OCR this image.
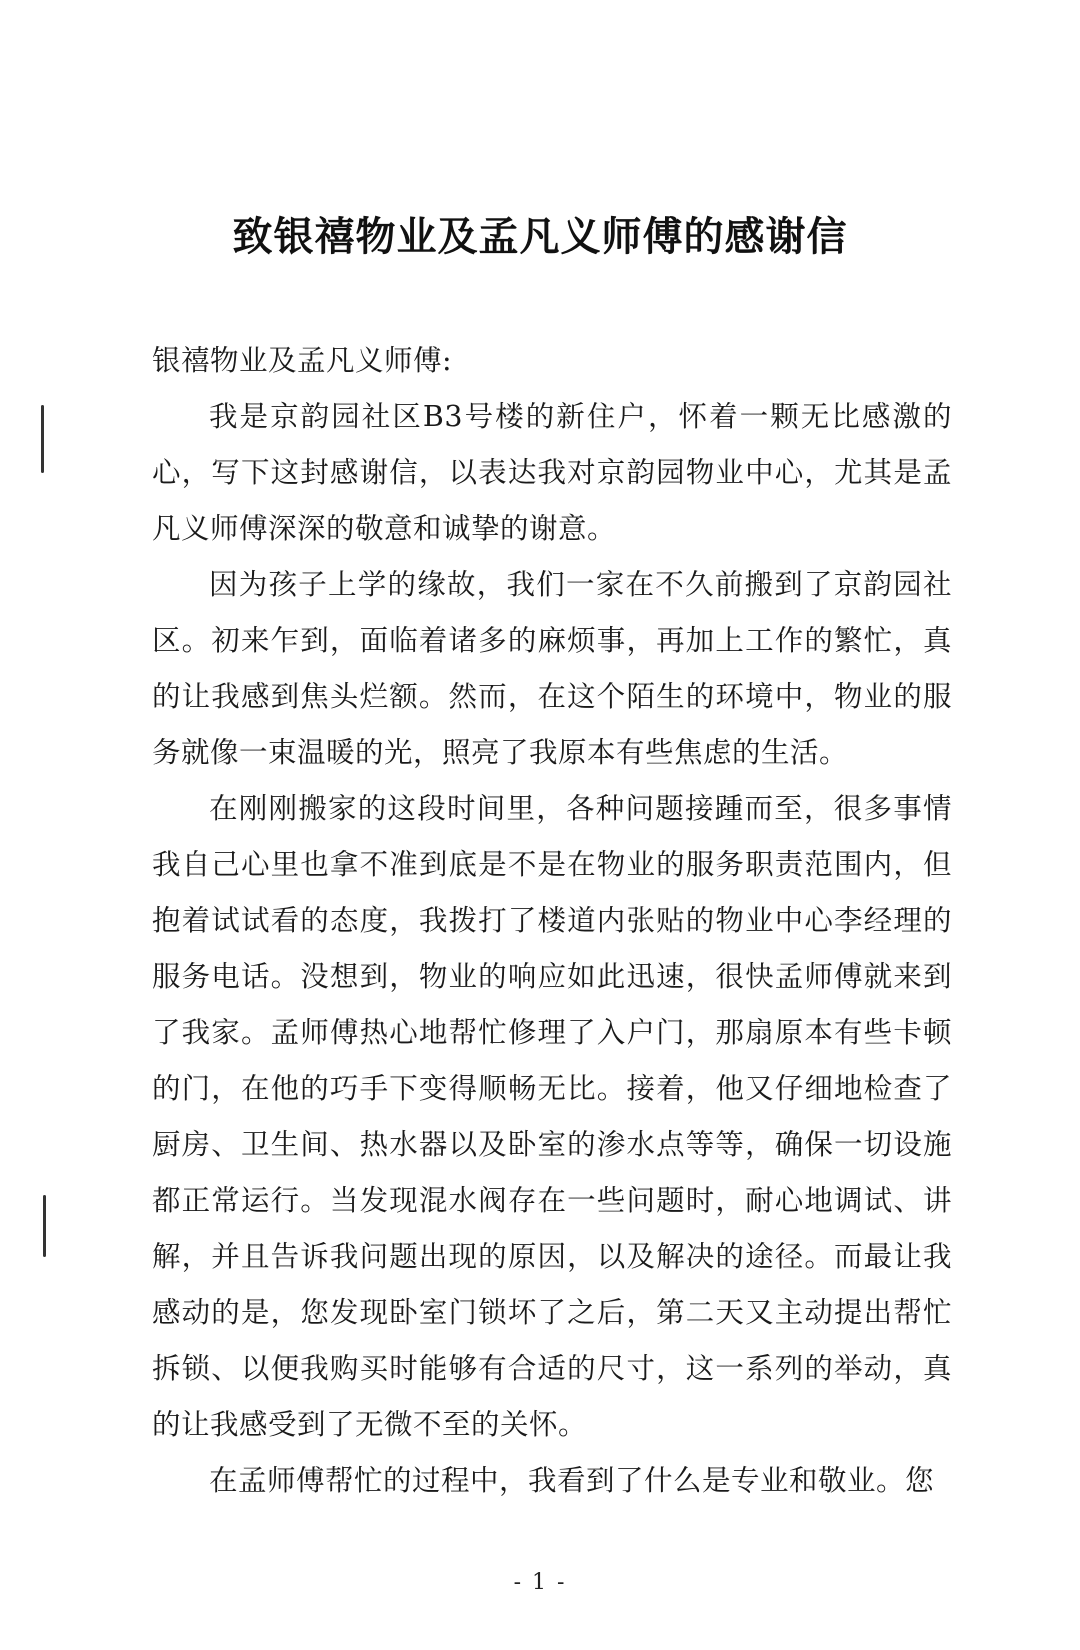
致银禧物业及孟凡义师傅的感谢信

银禧物业及孟凡义师傅:

我是京韵园社区B3号楼的新住户，怀着一颗无比感激的心，写下这封感谢信，以表达我对京韵园物业中心，尤其是孟凡义师傅深深的敬意和诚挚的谢意。

因为孩子上学的缘故，我们一家在不久前搬到了京韵园社区。初来乍到，面临着诸多的麻烦事，再加上工作的繁忙，真的让我感到焦头烂额。然而，在这个陌生的环境中，物业的服务就像一束温暖的光，照亮了我原本有些焦虑的生活。

在刚刚搬家的这段时间里，各种问题接踵而至，很多事情我自己心里也拿不准到底是不是在物业的服务职责范围内，但抱着试试看的态度，我拨打了楼道内张贴的物业中心李经理的服务电话。没想到，物业的响应如此迅速，很快孟师傅就来到了我家。孟师傅热心地帮忙修理了入户门，那扇原本有些卡顿的门，在他的巧手下变得顺畅无比。接着，他又仔细地检查了厨房、卫生间、热水器以及卧室的渗水点等等，确保一切设施都正常运行。当发现混水阀存在一些问题时，耐心地调试、讲解，并且告诉我问题出现的原因，以及解决的途径。而最让我感动的是，您发现卧室门锁坏了之后，第二天又主动提出帮忙拆锁、以便我购买时能够有合适的尺寸，这一系列的举动，真的让我感受到了无微不至的关怀。

在孟师傅帮忙的过程中，我看到了什么是专业和敬业。您

- 1 -
